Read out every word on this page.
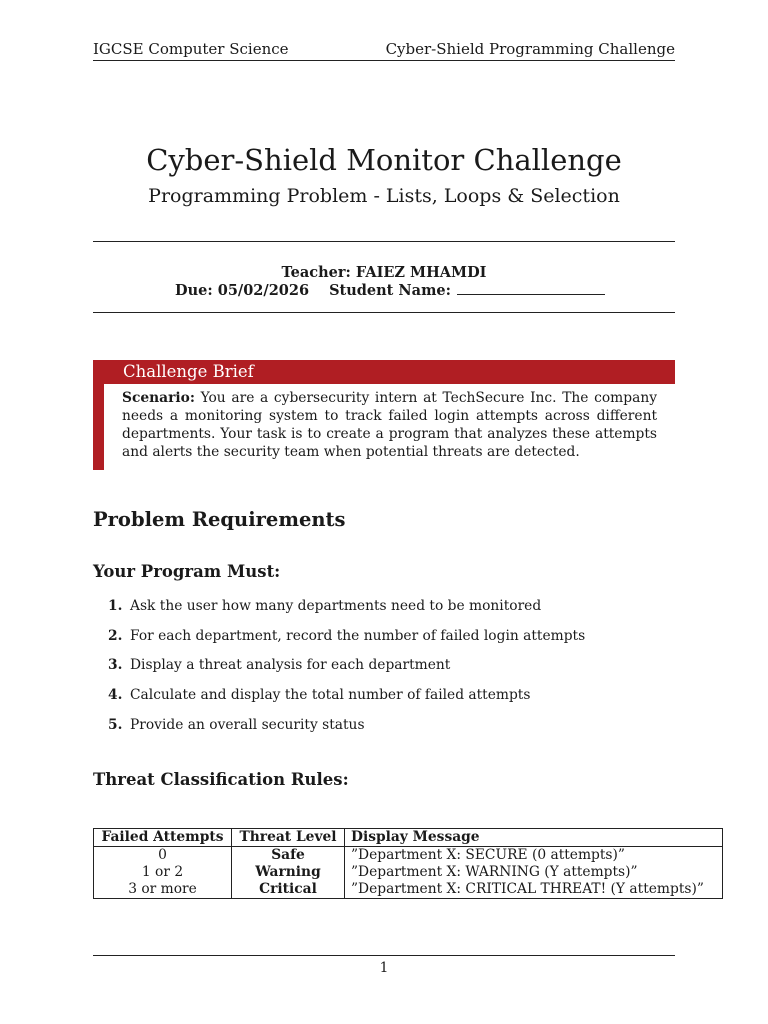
IGCSE Computer Science	Cyber-Shield Programming Challenge
Cyber-Shield Monitor Challenge
Programming Problem - Lists, Loops & Selection
Teacher: FAIEZ MHAMDI
Due: 05/02/2026 Student Name:
Challenge Brief
Scenario: You are a cybersecurity intern at TechSecure Inc. The company needs a monitoring system to track failed login attempts across different departments. Your task is to create a program that analyzes these attempts and alerts the security team when potential threats are detected.
Problem Requirements
Your Program Must:
1. Ask the user how many departments need to be monitored
2. For each department, record the number of failed login attempts
3. Display a threat analysis for each department
4. Calculate and display the total number of failed attempts
5. Provide an overall security status
Threat Classification Rules:
Failed Attempts	Threat Level	Display Message
0	Safe	”Department X: SECURE (0 attempts)”
1 or 2	Warning	”Department X: WARNING (Y attempts)”
3 or more	Critical	”Department X: CRITICAL THREAT! (Y attempts)”
1
